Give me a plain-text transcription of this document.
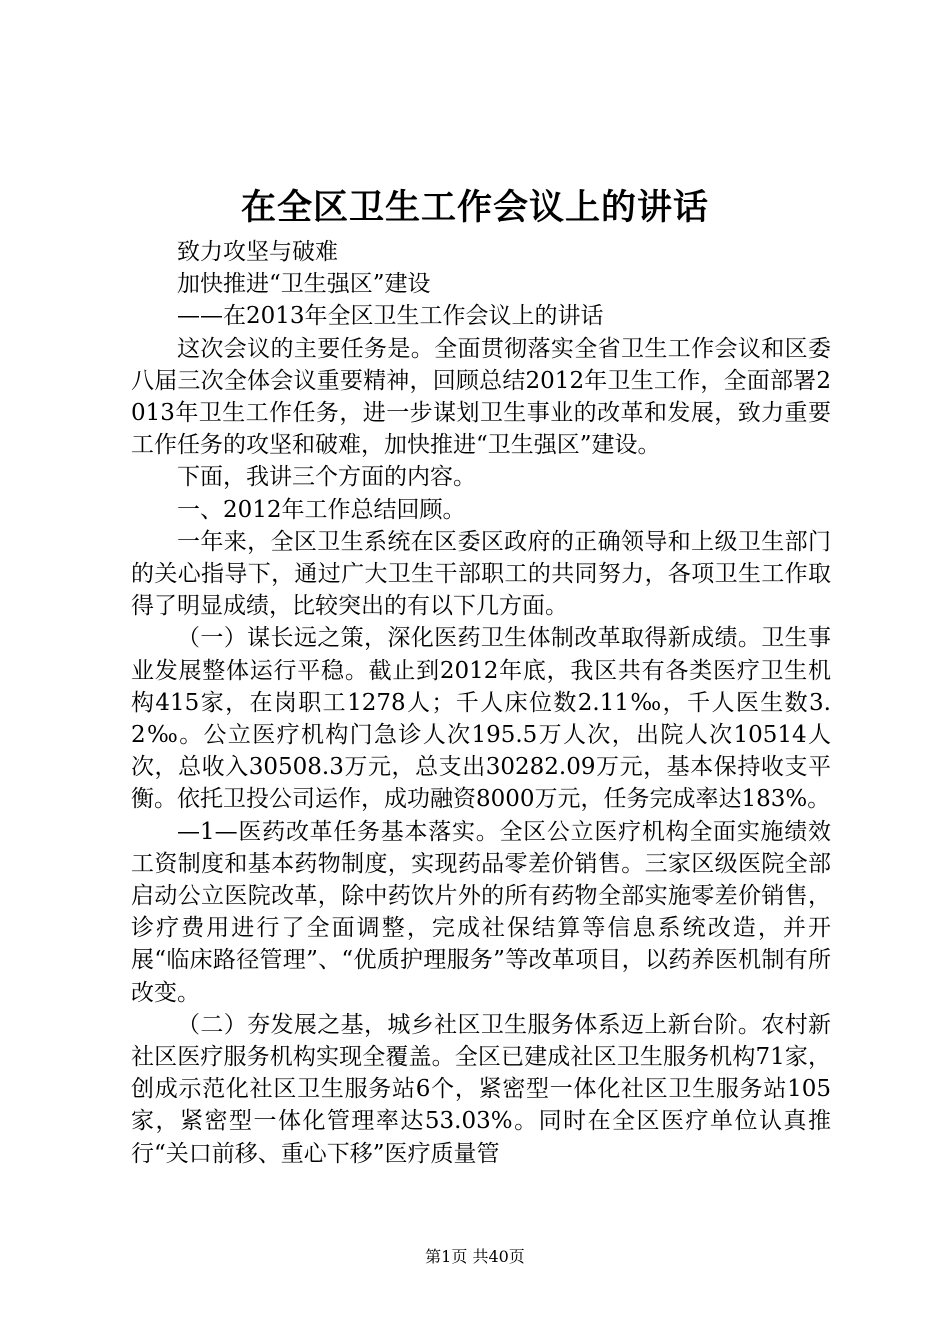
在全区卫生工作会议上的讲话

致力攻坚与破难

加快推进“卫生强区”建设

——在2013年全区卫生工作会议上的讲话

这次会议的主要任务是。全面贯彻落实全省卫生工作会议和区委八届三次全体会议重要精神，回顾总结2012年卫生工作，全面部署2013年卫生工作任务，进一步谋划卫生事业的改革和发展，致力重要工作任务的攻坚和破难，加快推进“卫生强区”建设。

下面，我讲三个方面的内容。

一、2012年工作总结回顾。

一年来，全区卫生系统在区委区政府的正确领导和上级卫生部门的关心指导下，通过广大卫生干部职工的共同努力，各项卫生工作取得了明显成绩，比较突出的有以下几方面。

（一）谋长远之策，深化医药卫生体制改革取得新成绩。卫生事业发展整体运行平稳。截止到2012年底，我区共有各类医疗卫生机构415家，在岗职工1278人；千人床位数2.11‰，千人医生数3.2‰。公立医疗机构门急诊人次195.5万人次，出院人次10514人次，总收入30508.3万元，总支出30282.09万元，基本保持收支平衡。依托卫投公司运作，成功融资8000万元，任务完成率达183%。

—1—医药改革任务基本落实。全区公立医疗机构全面实施绩效工资制度和基本药物制度，实现药品零差价销售。三家区级医院全部启动公立医院改革，除中药饮片外的所有药物全部实施零差价销售，诊疗费用进行了全面调整，完成社保结算等信息系统改造，并开展“临床路径管理”、“优质护理服务”等改革项目，以药养医机制有所改变。

（二）夯发展之基，城乡社区卫生服务体系迈上新台阶。农村新社区医疗服务机构实现全覆盖。全区已建成社区卫生服务机构71家，创成示范化社区卫生服务站6个，紧密型一体化社区卫生服务站105家，紧密型一体化管理率达53.03%。同时在全区医疗单位认真推行“关口前移、重心下移”医疗质量管

第1页 共40页
